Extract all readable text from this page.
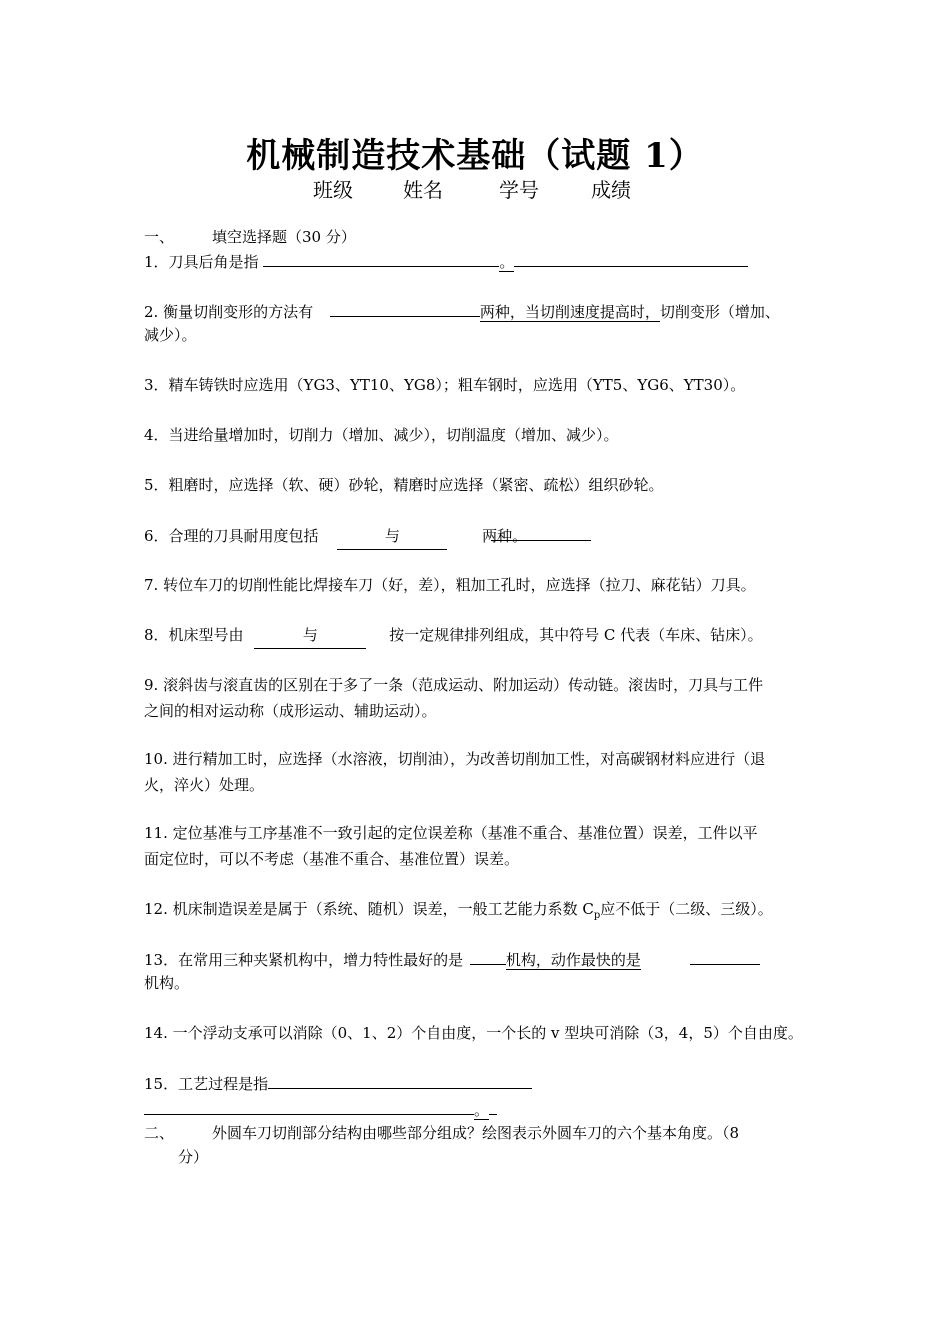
机械制造技术基础（试题 1）
班级	姓名	学号	成绩
一、	填空选择题（30 分）
1．刀具后角是指	。
2. 衡量切削变形的方法有	两种，当切削速度提高时，切削变形（增加、
减少）。
3．精车铸铁时应选用（YG3、YT10、YG8）；粗车钢时，应选用（YT5、YG6、YT30）。
4．当进给量增加时，切削力（增加、减少），切削温度（增加、减少）。
5．粗磨时，应选择（软、硬）砂轮，精磨时应选择（紧密、疏松）组织砂轮。
6．合理的刀具耐用度包括	与	两种。
7. 转位车刀的切削性能比焊接车刀（好，差），粗加工孔时，应选择（拉刀、麻花钻）刀具。
8．机床型号由	与	按一定规律排列组成，其中符号 C 代表（车床、钻床）。
9. 滚斜齿与滚直齿的区别在于多了一条（范成运动、附加运动）传动链。滚齿时，刀具与工件
之间的相对运动称（成形运动、辅助运动）。
10. 进行精加工时，应选择（水溶液，切削油），为改善切削加工性，对高碳钢材料应进行（退
火，淬火）处理。
11. 定位基准与工序基准不一致引起的定位误差称（基准不重合、基准位置）误差，工件以平
面定位时，可以不考虑（基准不重合、基准位置）误差。
12. 机床制造误差是属于（系统、随机）误差，一般工艺能力系数 $C_p$应不低于（二级、三级）。
13．在常用三种夹紧机构中，增力特性最好的是	机构，动作最快的是
机构。
14. 一个浮动支承可以消除（0、1、2）个自由度，一个长的 v 型块可消除（3，4，5）个自由度。
15．工艺过程是指
。
二、	外圆车刀切削部分结构由哪些部分组成？绘图表示外圆车刀的六个基本角度。（8
分）
